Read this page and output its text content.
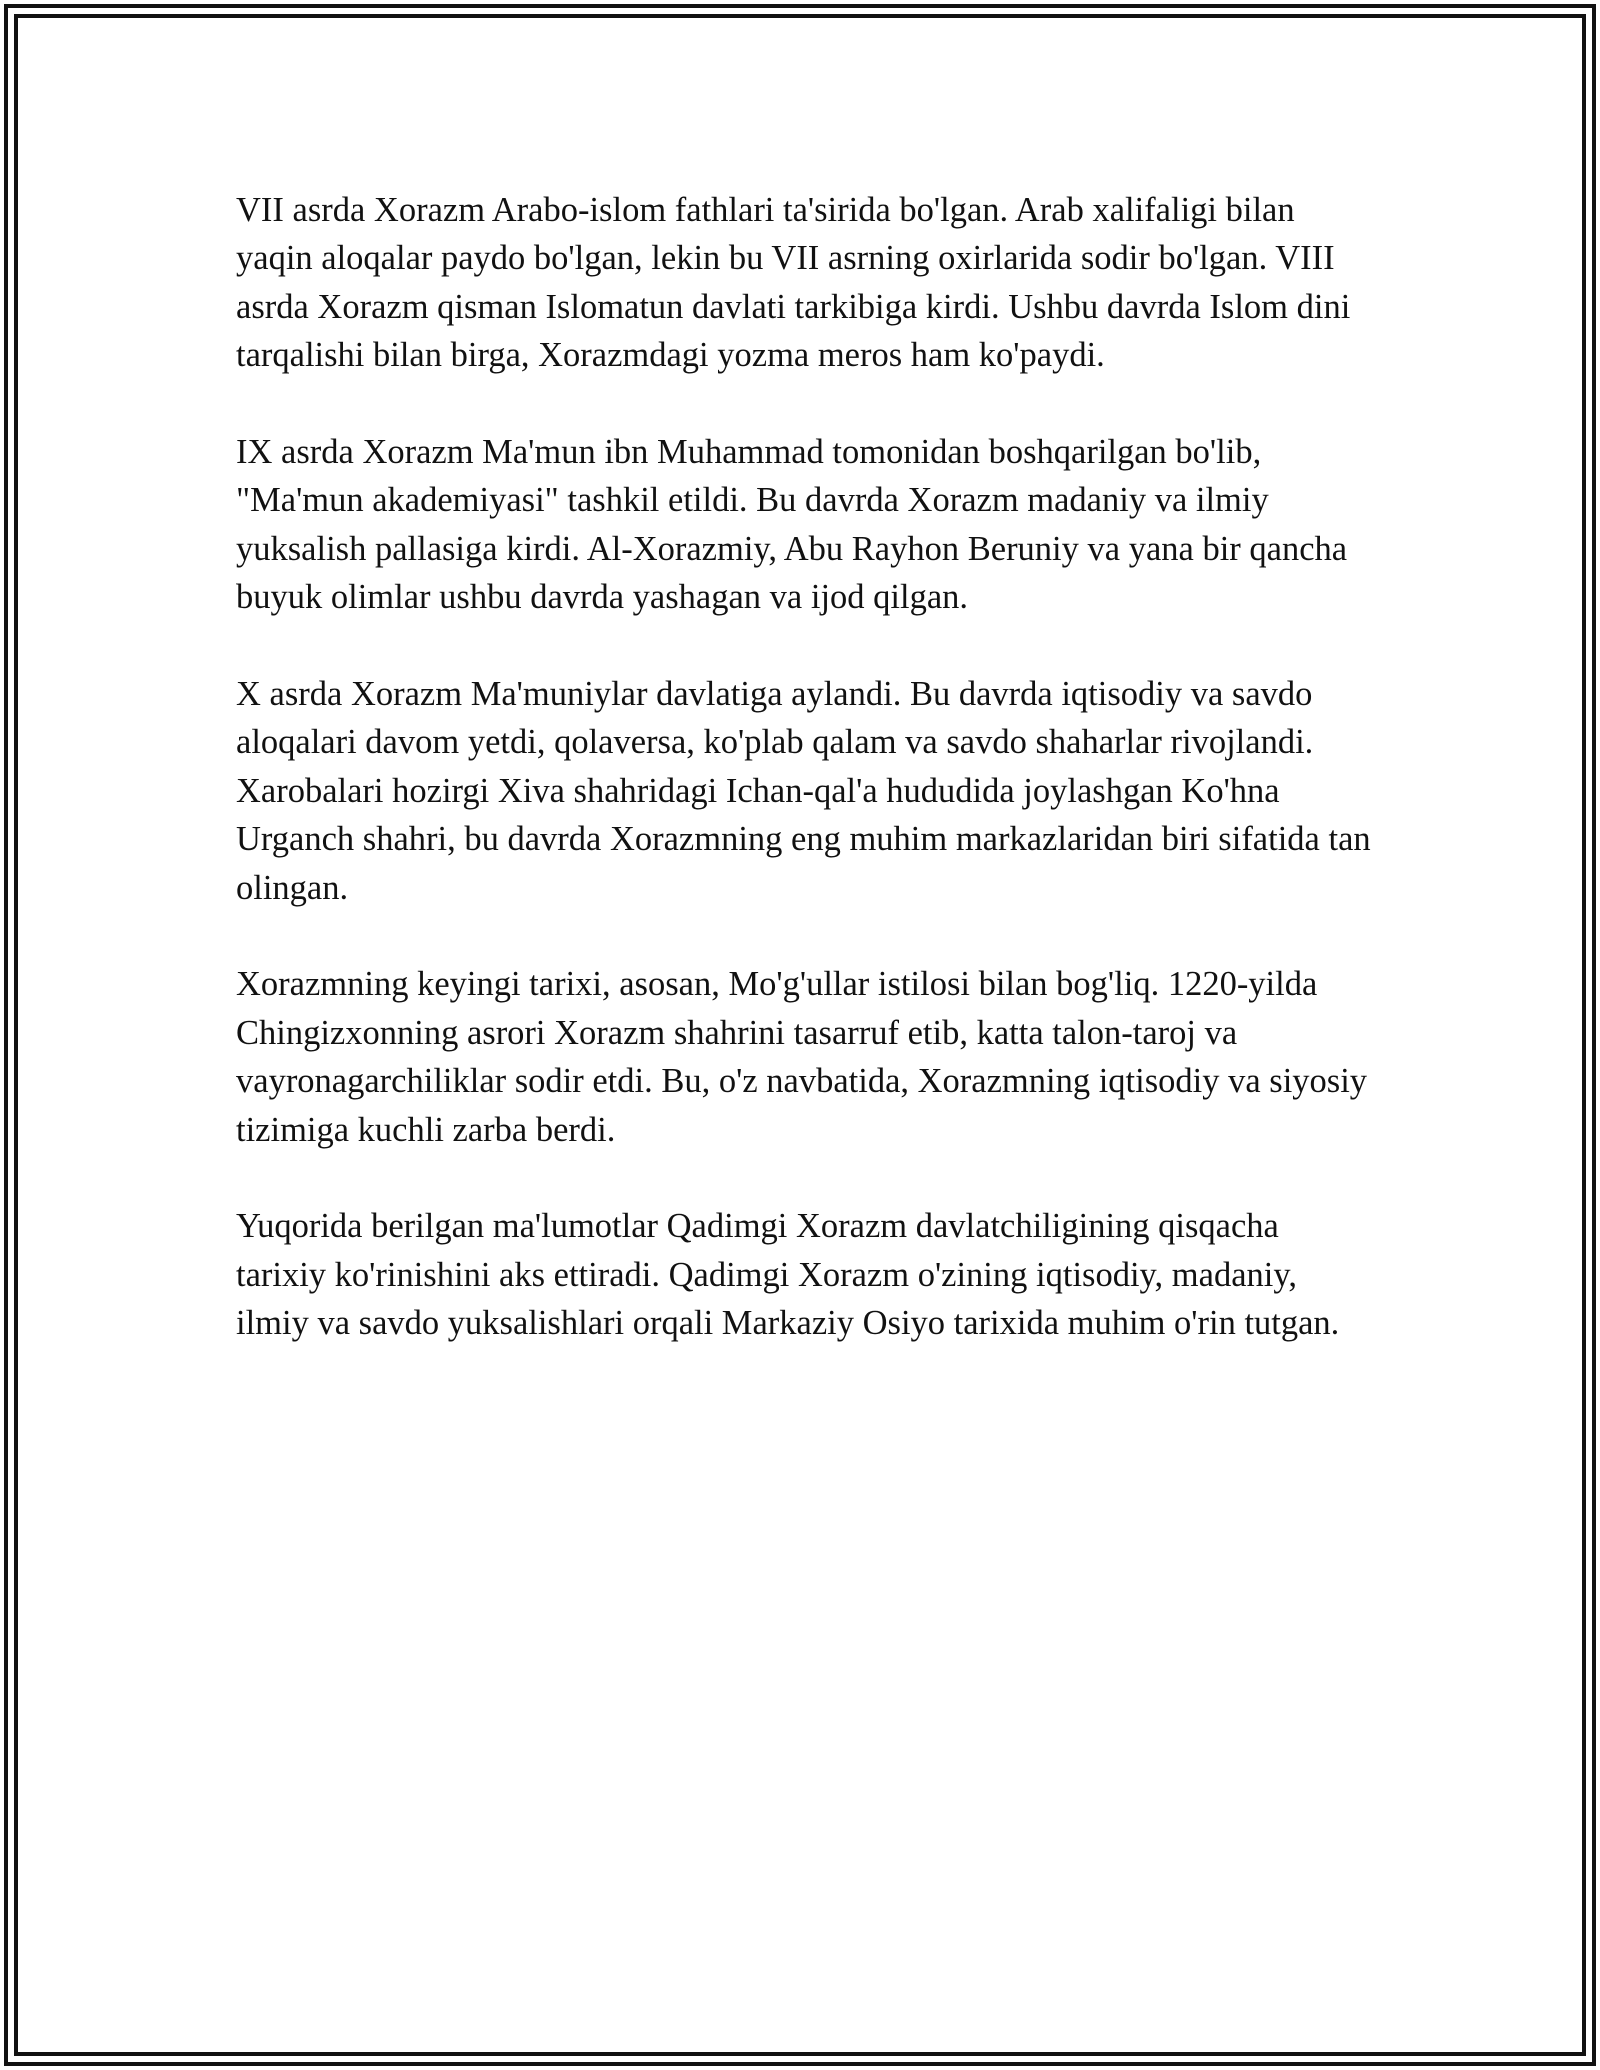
VII asrda Xorazm Arabo-islom fathlari ta'sirida bo'lgan. Arab xalifaligi bilan yaqin aloqalar paydo bo'lgan, lekin bu VII asrning oxirlarida sodir bo'lgan. VIII asrda Xorazm qisman Islomatun davlati tarkibiga kirdi. Ushbu davrda Islom dini tarqalishi bilan birga, Xorazmdagi yozma meros ham ko'paydi.

IX asrda Xorazm Ma'mun ibn Muhammad tomonidan boshqarilgan bo'lib, "Ma'mun akademiyasi" tashkil etildi. Bu davrda Xorazm madaniy va ilmiy yuksalish pallasiga kirdi. Al-Xorazmiy, Abu Rayhon Beruniy va yana bir qancha buyuk olimlar ushbu davrda yashagan va ijod qilgan.

X asrda Xorazm Ma'muniylar davlatiga aylandi. Bu davrda iqtisodiy va savdo aloqalari davom yetdi, qolaversa, ko'plab qalam va savdo shaharlar rivojlandi. Xarobalari hozirgi Xiva shahridagi Ichan-qal'a hududida joylashgan Ko'hna Urganch shahri, bu davrda Xorazmning eng muhim markazlaridan biri sifatida tan olingan.

Xorazmning keyingi tarixi, asosan, Mo'g'ullar istilosi bilan bog'liq. 1220-yilda Chingizxonning asrori Xorazm shahrini tasarruf etib, katta talon-taroj va vayronagarchiliklar sodir etdi. Bu, o'z navbatida, Xorazmning iqtisodiy va siyosiy tizimiga kuchli zarba berdi.

Yuqorida berilgan ma'lumotlar Qadimgi Xorazm davlatchiligining qisqacha tarixiy ko'rinishini aks ettiradi. Qadimgi Xorazm o'zining iqtisodiy, madaniy, ilmiy va savdo yuksalishlari orqali Markaziy Osiyo tarixida muhim o'rin tutgan.
